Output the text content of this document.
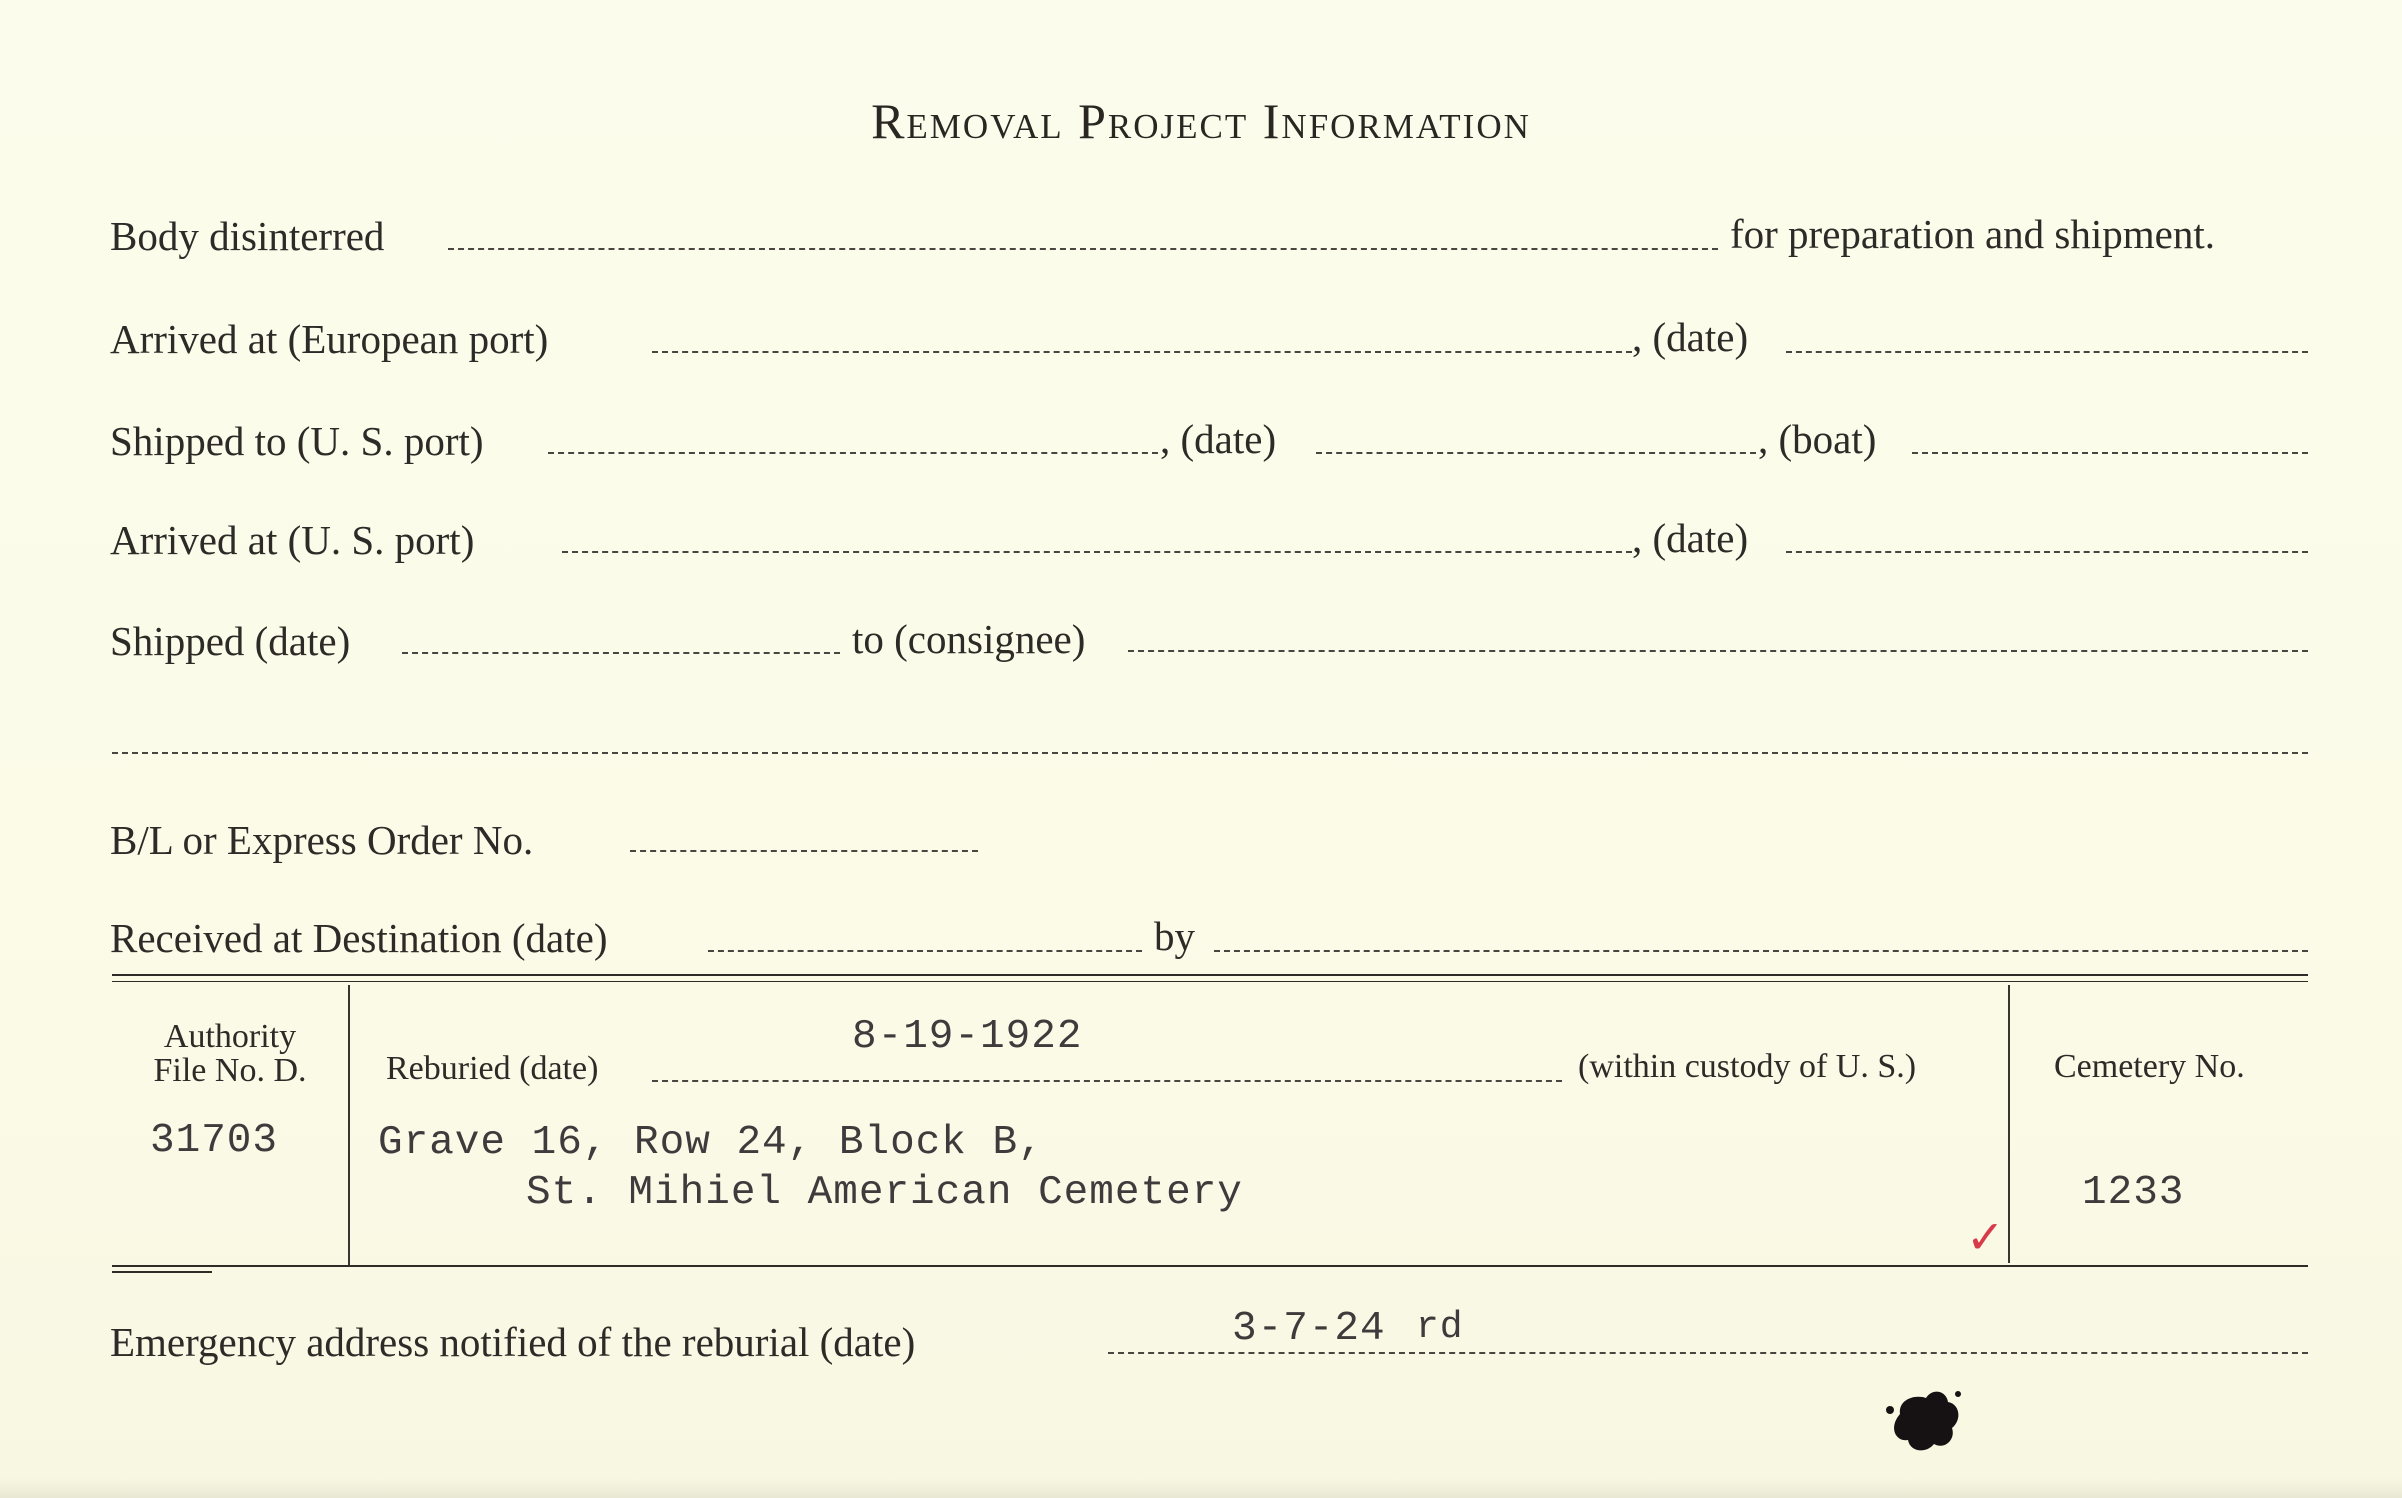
Removal Project Information
Body disinterred	for preparation and shipment.
Arrived at (European port)	, (date)
Shipped to (U. S. port)	, (date)	, (boat)
Arrived at (U. S. port)	, (date)
Shipped (date)	to (consignee)
B/L or Express Order No.
Received at Destination (date)	by
Authority
File No. D.
31703
8-19-1922
Reburied (date)	(within custody of U. S.)
Grave 16, Row 24, Block B,
St. Mihiel American Cemetery
✓
Cemetery No.
1233
Emergency address notified of the reburial (date)	3-7-24 rd
